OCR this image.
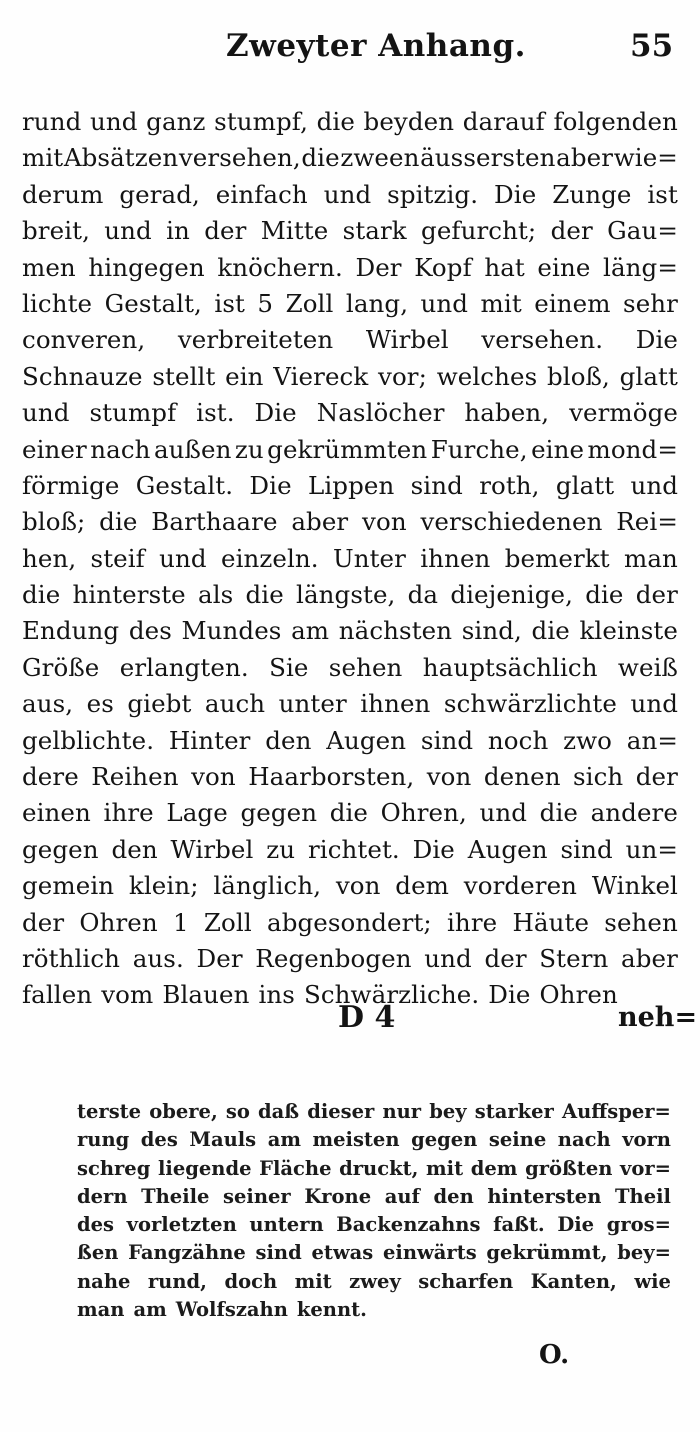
Zweyter Anhang.	55
rund und ganz stumpf, die beyden darauf folgenden
mit Absätzen versehen, die zween äussersten aber wie=
derum gerad, einfach und spitzig. Die Zunge ist
breit, und in der Mitte stark gefurcht; der Gau=
men hingegen knöchern. Der Kopf hat eine läng=
lichte Gestalt, ist 5 Zoll lang, und mit einem sehr
converen, verbreiteten Wirbel versehen. Die
Schnauze stellt ein Viereck vor; welches bloß, glatt
und stumpf ist. Die Naslöcher haben, vermöge
einer nach außen zu gekrümmten Furche, eine mond=
förmige Gestalt. Die Lippen sind roth, glatt und
bloß; die Barthaare aber von verschiedenen Rei=
hen, steif und einzeln. Unter ihnen bemerkt man
die hinterste als die längste, da diejenige, die der
Endung des Mundes am nächsten sind, die kleinste
Größe erlangten. Sie sehen hauptsächlich weiß
aus, es giebt auch unter ihnen schwärzlichte und
gelblichte. Hinter den Augen sind noch zwo an=
dere Reihen von Haarborsten, von denen sich der
einen ihre Lage gegen die Ohren, und die andere
gegen den Wirbel zu richtet. Die Augen sind un=
gemein klein; länglich, von dem vorderen Winkel
der Ohren 1 Zoll abgesondert; ihre Häute sehen
röthlich aus. Der Regenbogen und der Stern aber
fallen vom Blauen ins Schwärzliche. Die Ohren
D 4	neh=
terste obere, so daß dieser nur bey starker Auffsper=
rung des Mauls am meisten gegen seine nach vorn
schreg liegende Fläche druckt, mit dem größten vor=
dern Theile seiner Krone auf den hintersten Theil
des vorletzten untern Backenzahns faßt. Die gros=
ßen Fangzähne sind etwas einwärts gekrümmt, bey=
nahe rund, doch mit zwey scharfen Kanten, wie
man am Wolfszahn kennt.
O.
